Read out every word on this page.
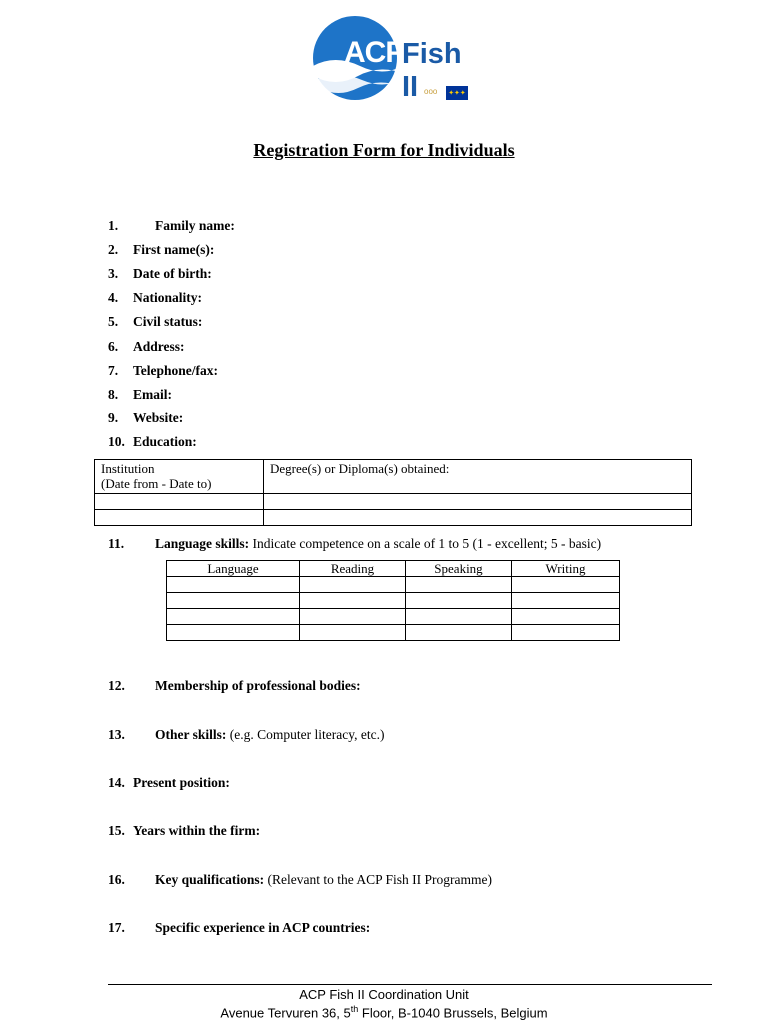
ACP
Fish II ooo	✦✦✦
Registration Form for Individuals
1.	Family name:
2. First name(s):
3. Date of birth:
4. Nationality:
5. Civil status:
6. Address:
7. Telephone/fax:
8. Email:
9. Website:
10. Education:
Institution
(Date from - Date to)	Degree(s) or Diploma(s) obtained:

11. Language skills: Indicate competence on a scale of 1 to 5 (1 - excellent; 5 - basic)
Language	Reading	Speaking	Writing

12. Membership of professional bodies:
13. Other skills: (e.g. Computer literacy, etc.)
14. Present position:
15. Years within the firm:
16. Key qualifications: (Relevant to the ACP Fish II Programme)
17. Specific experience in ACP countries:
ACP Fish II Coordination Unit
Avenue Tervuren 36, 5th Floor, B-1040 Brussels, Belgium
